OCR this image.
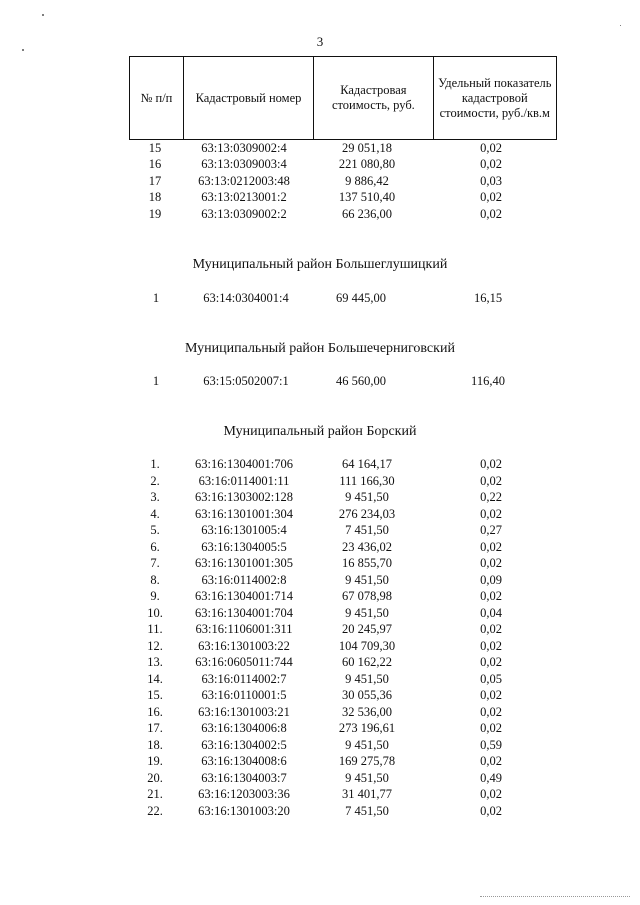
3
№ п/п	Кадастровый номер	Кадастровая стоимость, руб.	Удельный показатель кадастровой стоимости, руб./кв.м
15	63:13:0309002:4	29 051,18	0,02
16	63:13:0309003:4	221 080,80	0,02
17	63:13:0212003:48	9 886,42	0,03
18	63:13:0213001:2	137 510,40	0,02
19	63:13:0309002:2	66 236,00	0,02
Муниципальный район Большеглушицкий
1	63:14:0304001:4	69 445,00	16,15
Муниципальный район Большечерниговский
1	63:15:0502007:1	46 560,00	116,40
Муниципальный район Борский
1.	63:16:1304001:706	64 164,17	0,02
2.	63:16:0114001:11	111 166,30	0,02
3.	63:16:1303002:128	9 451,50	0,22
4.	63:16:1301001:304	276 234,03	0,02
5.	63:16:1301005:4	7 451,50	0,27
6.	63:16:1304005:5	23 436,02	0,02
7.	63:16:1301001:305	16 855,70	0,02
8.	63:16:0114002:8	9 451,50	0,09
9.	63:16:1304001:714	67 078,98	0,02
10.	63:16:1304001:704	9 451,50	0,04
11.	63:16:1106001:311	20 245,97	0,02
12.	63:16:1301003:22	104 709,30	0,02
13.	63:16:0605011:744	60 162,22	0,02
14.	63:16:0114002:7	9 451,50	0,05
15.	63:16:0110001:5	30 055,36	0,02
16.	63:16:1301003:21	32 536,00	0,02
17.	63:16:1304006:8	273 196,61	0,02
18.	63:16:1304002:5	9 451,50	0,59
19.	63:16:1304008:6	169 275,78	0,02
20.	63:16:1304003:7	9 451,50	0,49
21.	63:16:1203003:36	31 401,77	0,02
22.	63:16:1301003:20	7 451,50	0,02
